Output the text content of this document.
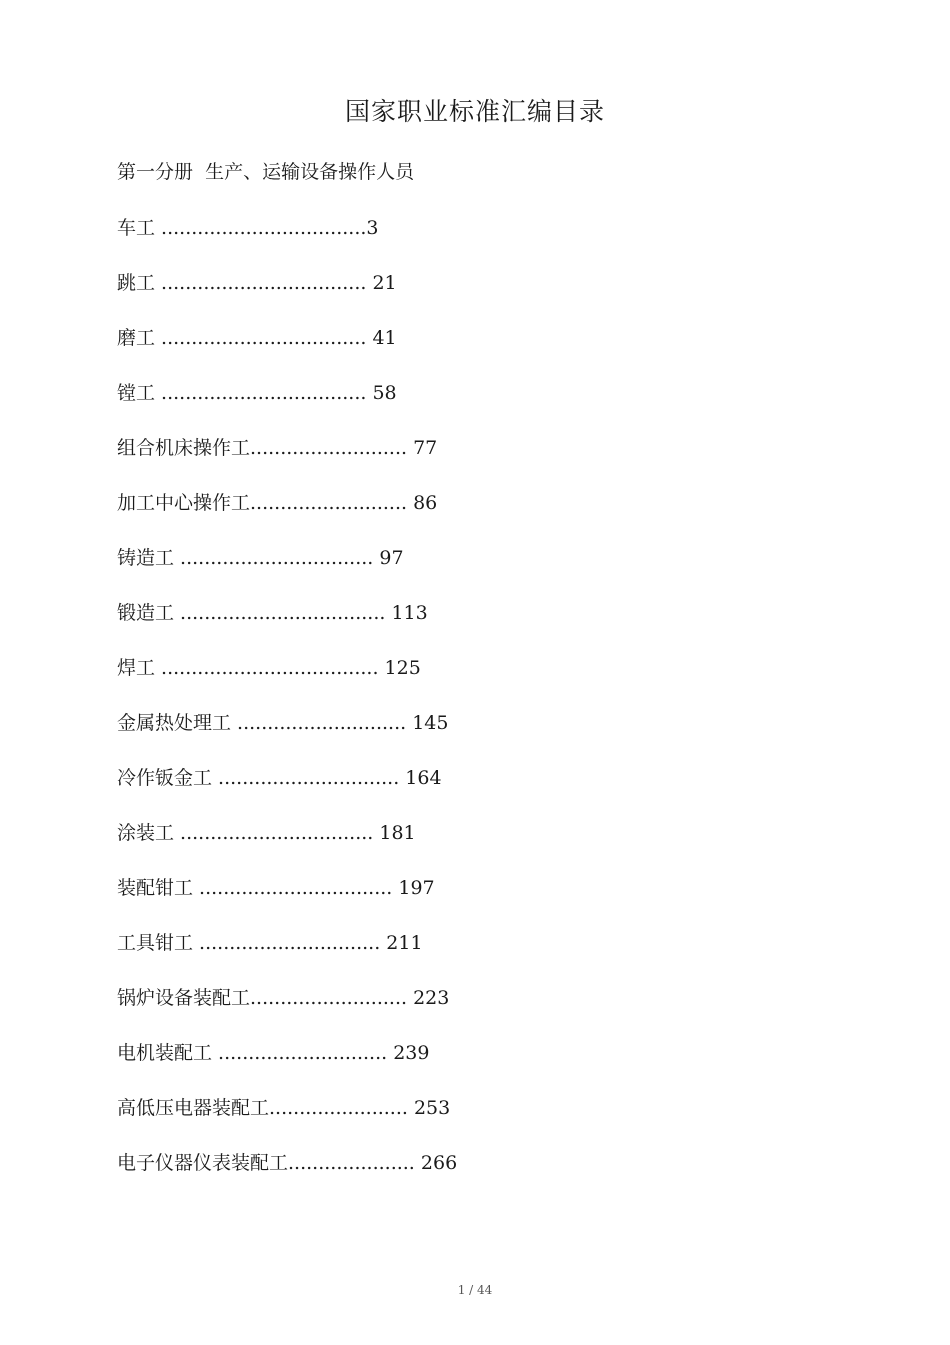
国家职业标准汇编目录
第一分册  生产、运输设备操作人员
车工 ..................................3
跳工 .................................. 21
磨工 .................................. 41
镗工 .................................. 58
组合机床操作工.......................... 77
加工中心操作工.......................... 86
铸造工 ................................ 97
锻造工 .................................. 113
焊工 .................................... 125
金属热处理工 ............................ 145
冷作钣金工 .............................. 164
涂装工 ................................ 181
装配钳工 ................................ 197
工具钳工 .............................. 211
锅炉设备装配工.......................... 223
电机装配工 ............................ 239
高低压电器装配工....................... 253
电子仪器仪表装配工..................... 266
1 / 44
